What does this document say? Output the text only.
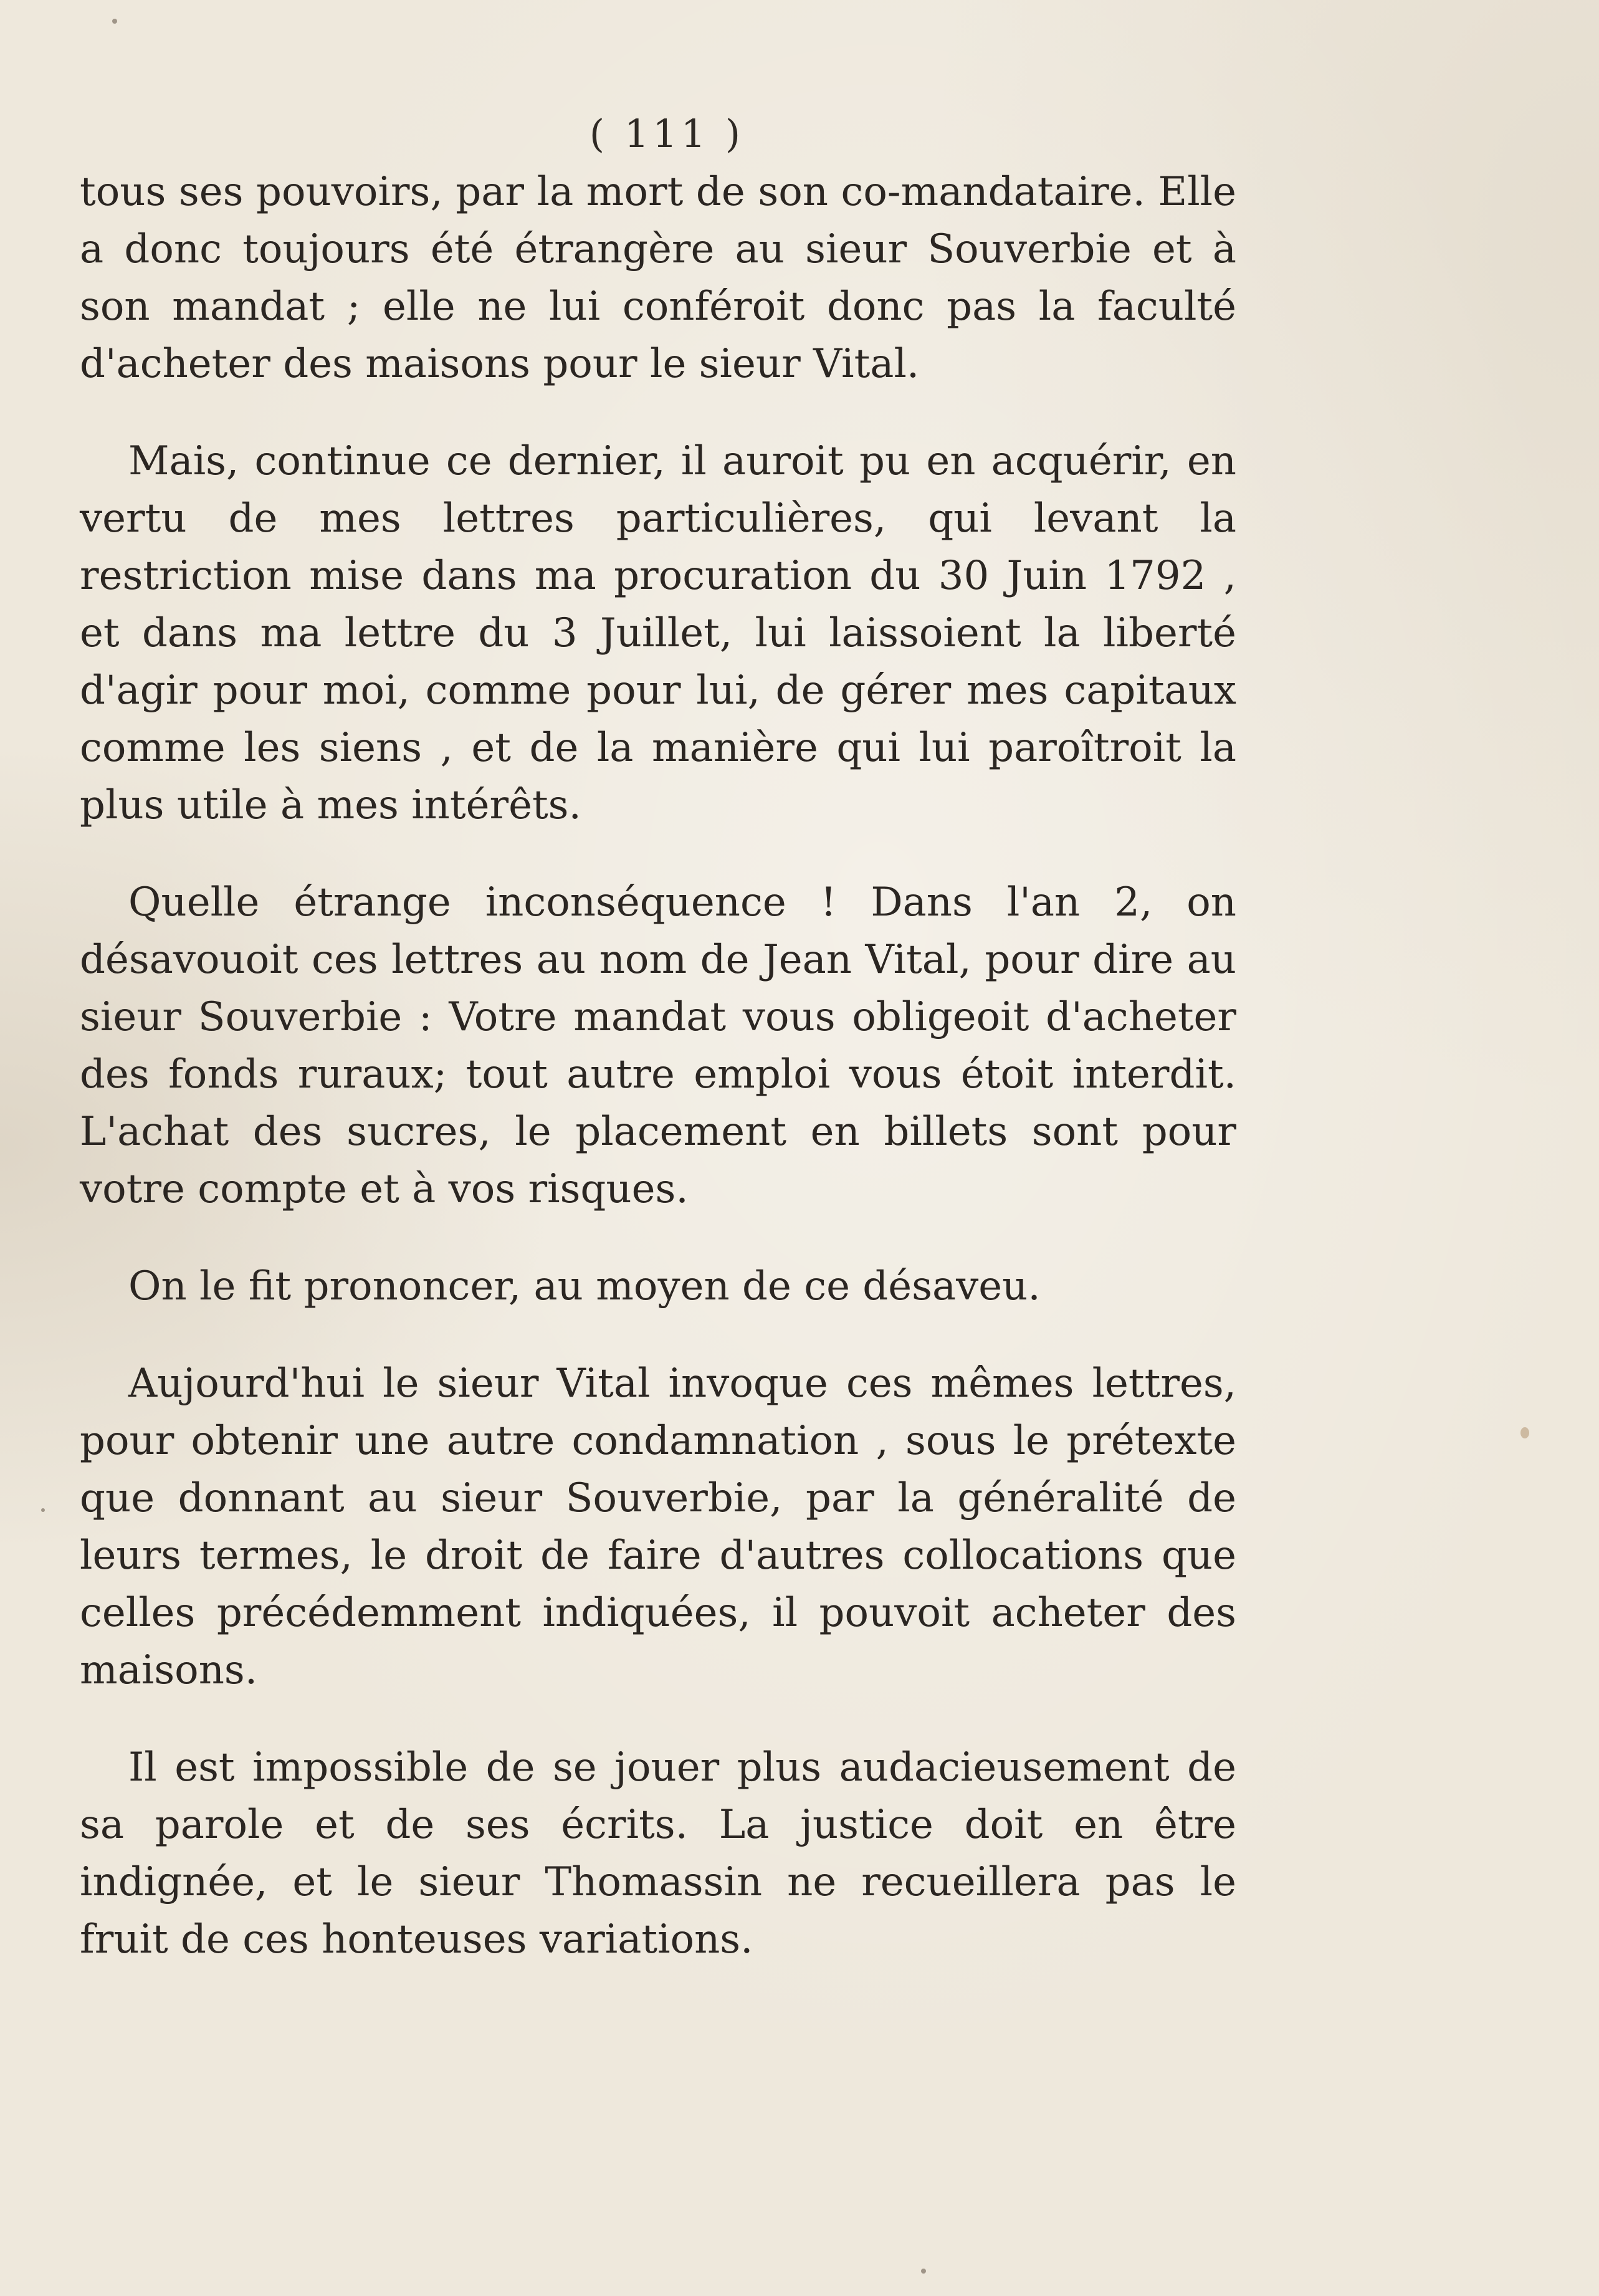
( 111 )

tous ses pouvoirs, par la mort de son co-mandataire. Elle a donc toujours été étrangère au sieur Souverbie et à son mandat ; elle ne lui conféroit donc pas la faculté d'acheter des maisons pour le sieur Vital.

Mais, continue ce dernier, il auroit pu en acquérir, en vertu de mes lettres particulières, qui levant la restriction mise dans ma procuration du 30 Juin 1792 , et dans ma lettre du 3 Juillet, lui laissoient la liberté d'agir pour moi, comme pour lui, de gérer mes capitaux comme les siens , et de la manière qui lui paroîtroit la plus utile à mes intérêts.

Quelle étrange inconséquence ! Dans l'an 2, on désavouoit ces lettres au nom de Jean Vital, pour dire au sieur Souverbie : Votre mandat vous obligeoit d'acheter des fonds ruraux; tout autre emploi vous étoit interdit. L'achat des sucres, le placement en billets sont pour votre compte et à vos risques.

On le fit prononcer, au moyen de ce désaveu.

Aujourd'hui le sieur Vital invoque ces mêmes lettres, pour obtenir une autre condamnation , sous le prétexte que donnant au sieur Souverbie, par la généralité de leurs termes, le droit de faire d'autres collocations que celles précédemment indiquées, il pouvoit acheter des maisons.

Il est impossible de se jouer plus audacieusement de sa parole et de ses écrits. La justice doit en être indignée, et le sieur Thomassin ne recueillera pas le fruit de ces honteuses variations.
